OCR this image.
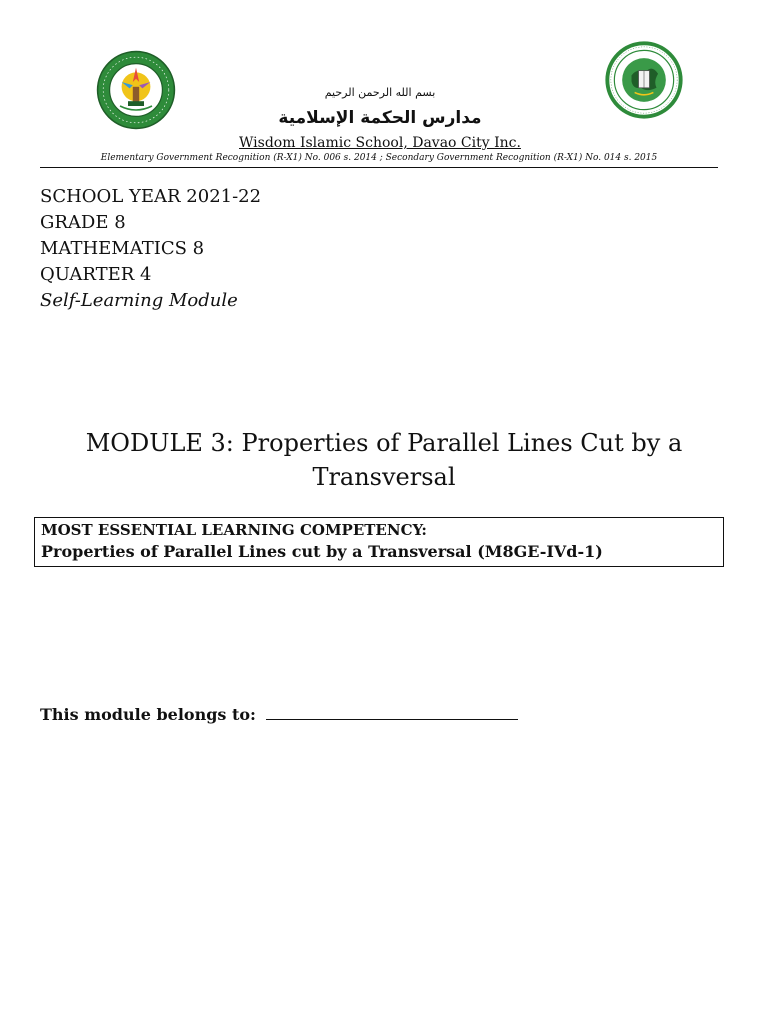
بسم الله الرحمن الرحيم
مدارس الحكمة الإسلامية
Wisdom Islamic School, Davao City Inc.
Elementary Government Recognition (R-X1) No. 006 s. 2014 ; Secondary Government Recognition (R-X1) No. 014 s. 2015
SCHOOL YEAR 2021-22
GRADE 8
MATHEMATICS 8
QUARTER 4
Self-Learning Module
MODULE 3: Properties of Parallel Lines Cut by a
Transversal
MOST ESSENTIAL LEARNING COMPETENCY:
Properties of Parallel Lines cut by a Transversal (M8GE-IVd-1)
This module belongs to:
